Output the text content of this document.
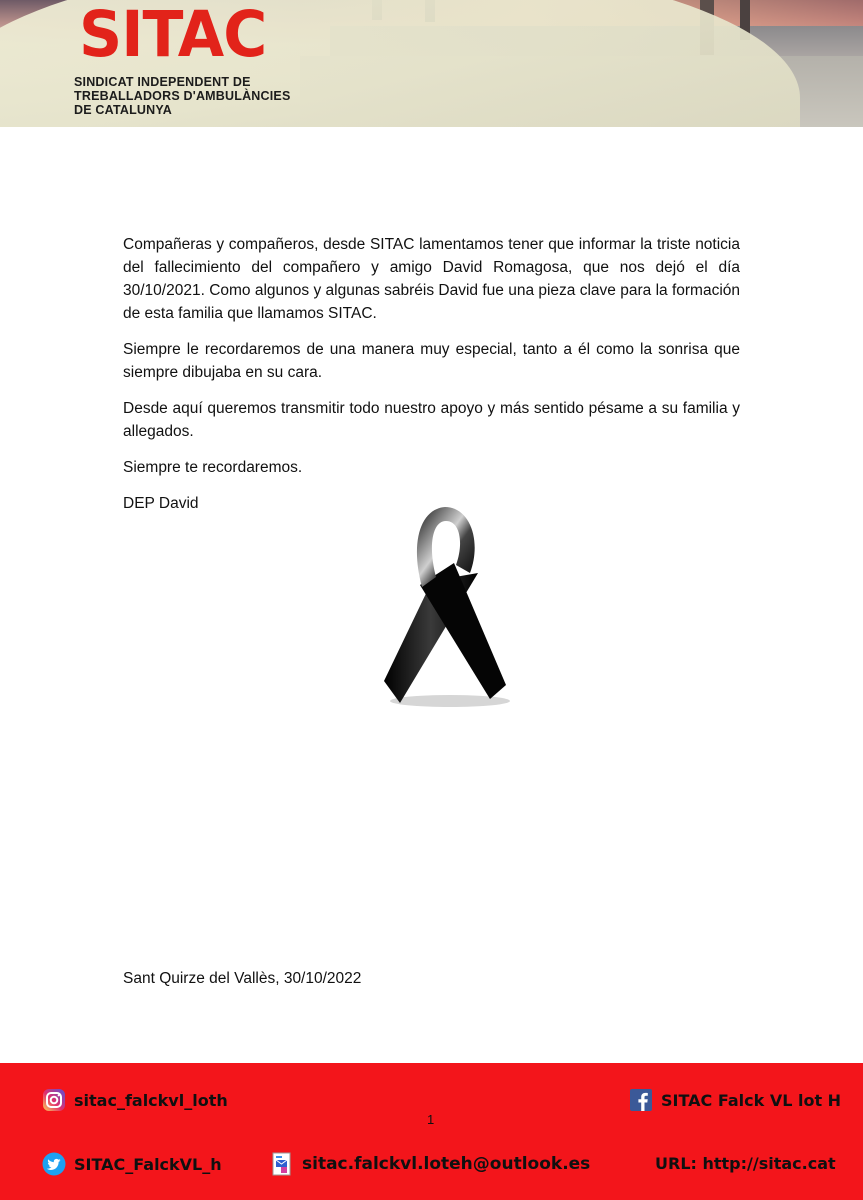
SITAC
SINDICAT INDEPENDENT DE
TREBALLADORS D'AMBULÀNCIES
DE CATALUNYA

Compañeras y compañeros, desde SITAC lamentamos tener que informar la triste noticia del fallecimiento del compañero y amigo David Romagosa, que nos dejó el día 30/10/2021. Como algunos y algunas sabréis David fue una pieza clave para la formación de esta familia que llamamos SITAC.

Siempre le recordaremos de una manera muy especial, tanto a él como la sonrisa que siempre dibujaba en su cara.

Desde aquí queremos transmitir todo nuestro apoyo y más sentido pésame a su familia y allegados.

Siempre te recordaremos.

DEP David

Sant Quirze del Vallès, 30/10/2022
sitac_falckvl_loth	SITAC Falck VL lot H
1
SITAC_FalckVL_h	sitac.falckvl.loteh@outlook.es	URL: http://sitac.cat
